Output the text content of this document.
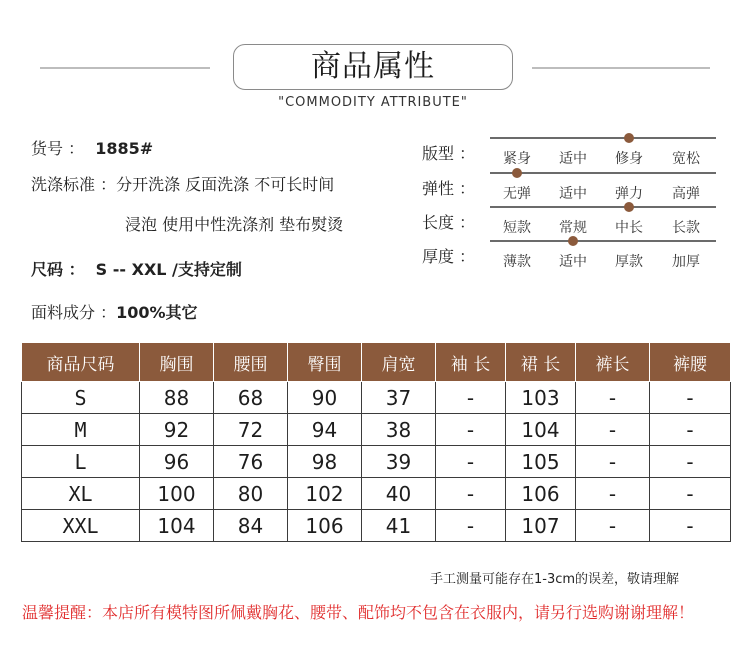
商品属性
"COMMODITY ATTRIBUTE"
货号 ： 1885#
洗涤标准 ：分开洗涤 反面洗涤 不可长时间
浸泡 使用中性洗涤剂 垫布熨烫
尺码 ： S -- XXL /支持定制
面料成分 ：100%其它
版型 ：	紧身	适中	修身	宽松
弹性 ：	无弹	适中	弹力	高弹
长度 ：	短款	常规	中长	长款
厚度 ：	薄款	适中	厚款	加厚
商品尺码	胸围	腰围	臀围	肩宽	袖 长	裙 长	裤长	裤腰
S	88	68	90	37	-	103	-	-
M	92	72	94	38	-	104	-	-
L	96	76	98	39	-	105	-	-
XL	100	80	102	40	-	106	-	-
XXL	104	84	106	41	-	107	-	-
手工测量可能存在1-3cm的误差，敬请理解
温馨提醒：本店所有模特图所佩戴胸花、腰带、配饰均不包含在衣服内，请另行选购谢谢理解！
